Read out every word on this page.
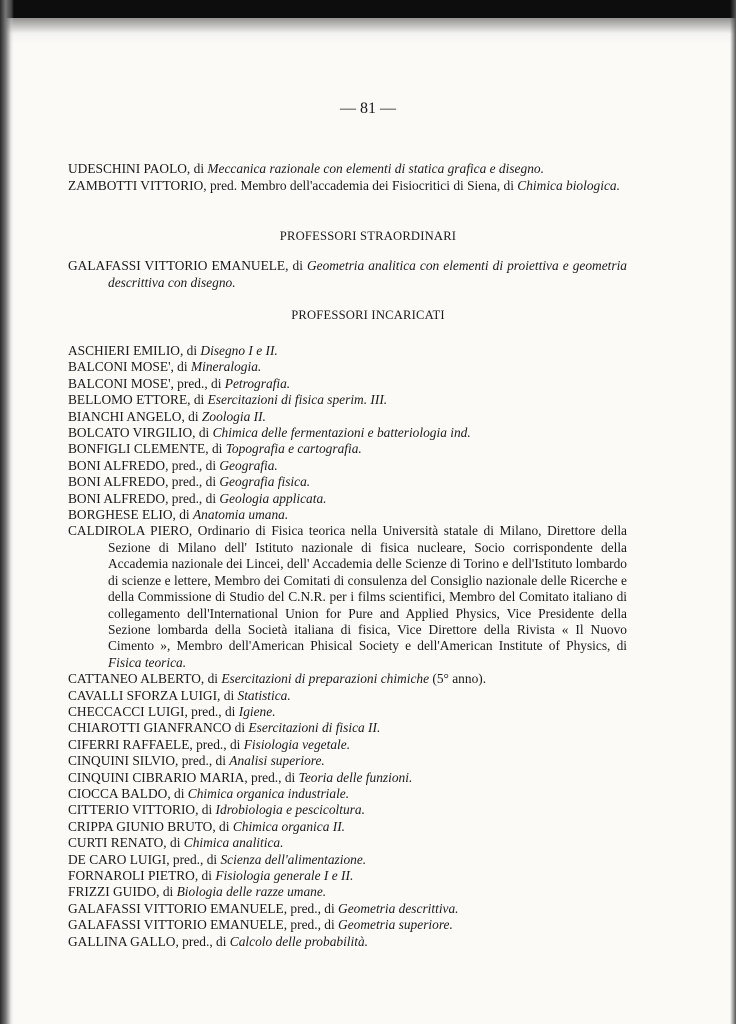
— 81 —
UDESCHINI PAOLO, di Meccanica razionale con elementi di statica grafica e disegno.
ZAMBOTTI VITTORIO, pred. Membro dell'accademia dei Fisiocritici di Siena, di Chimica biologica.
PROFESSORI STRAORDINARI
GALAFASSI VITTORIO EMANUELE, di Geometria analitica con elementi di proiettiva e geometria descrittiva con disegno.
PROFESSORI INCARICATI
ASCHIERI EMILIO, di Disegno I e II.
BALCONI MOSE', di Mineralogia.
BALCONI MOSE', pred., di Petrografia.
BELLOMO ETTORE, di Esercitazioni di fisica sperim. III.
BIANCHI ANGELO, di Zoologia II.
BOLCATO VIRGILIO, di Chimica delle fermentazioni e batteriologia ind.
BONFIGLI CLEMENTE, di Topografia e cartografia.
BONI ALFREDO, pred., di Geografia.
BONI ALFREDO, pred., di Geografia fisica.
BONI ALFREDO, pred., di Geologia applicata.
BORGHESE ELIO, di Anatomia umana.
CALDIROLA PIERO, Ordinario di Fisica teorica nella Università statale di Milano, Direttore della Sezione di Milano dell' Istituto nazionale di fisica nucleare, Socio corrispondente della Accademia nazionale dei Lincei, dell' Accademia delle Scienze di Torino e dell'Istituto lombardo di scienze e lettere, Membro dei Comitati di consulenza del Consiglio nazionale delle Ricerche e della Commissione di Studio del C.N.R. per i films scientifici, Membro del Comitato italiano di collegamento dell'International Union for Pure and Applied Physics, Vice Presidente della Sezione lombarda della Società italiana di fisica, Vice Direttore della Rivista « Il Nuovo Cimento », Membro dell'American Phisical Society e dell'American Institute of Physics, di Fisica teorica.
CATTANEO ALBERTO, di Esercitazioni di preparazioni chimiche (5° anno).
CAVALLI SFORZA LUIGI, di Statistica.
CHECCACCI LUIGI, pred., di Igiene.
CHIAROTTI GIANFRANCO di Esercitazioni di fisica II.
CIFERRI RAFFAELE, pred., di Fisiologia vegetale.
CINQUINI SILVIO, pred., di Analisi superiore.
CINQUINI CIBRARIO MARIA, pred., di Teoria delle funzioni.
CIOCCA BALDO, di Chimica organica industriale.
CITTERIO VITTORIO, di Idrobiologia e pescicoltura.
CRIPPA GIUNIO BRUTO, di Chimica organica II.
CURTI RENATO, di Chimica analitica.
DE CARO LUIGI, pred., di Scienza dell'alimentazione.
FORNAROLI PIETRO, di Fisiologia generale I e II.
FRIZZI GUIDO, di Biologia delle razze umane.
GALAFASSI VITTORIO EMANUELE, pred., di Geometria descrittiva.
GALAFASSI VITTORIO EMANUELE, pred., di Geometria superiore.
GALLINA GALLO, pred., di Calcolo delle probabilità.
